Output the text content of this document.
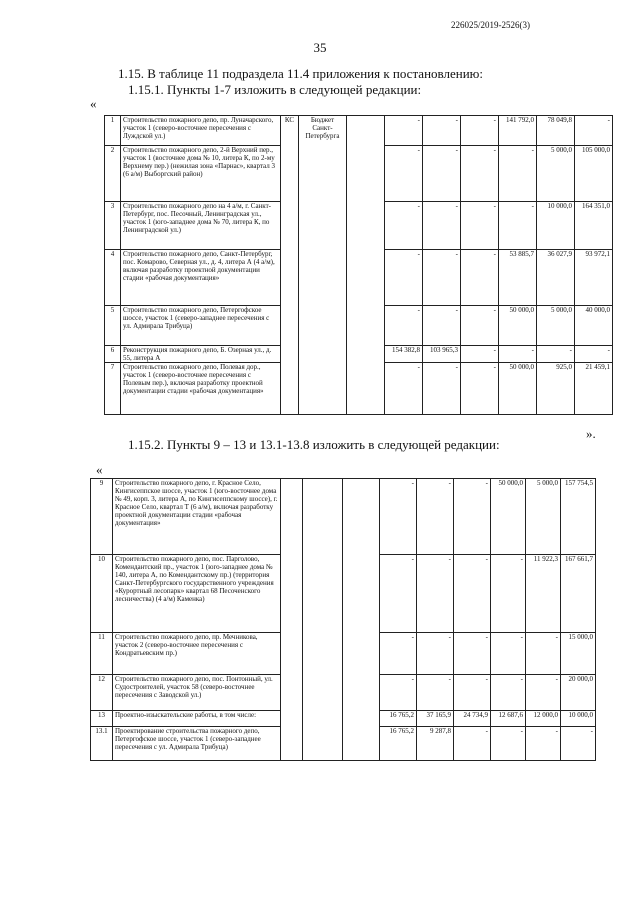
226025/2019-2526(3)
35
1.15. В таблице 11 подраздела 11.4 приложения к постановлению:
1.15.1. Пункты 1-7 изложить в следующей редакции:
«
1	Строительство пожарного депо, пр. Луначарского, участок 1 (северо-восточнее пересечения с Луждской ул.)	КС	Бюджет Санкт-Петербурга		-	-	-	141 792,0	78 049,8	-	
2	Строительство пожарного депо, 2-й Верхний пер., участок 1 (восточнее дома № 10, литера К, по 2-му Верхнему пер.) (нежилая зона «Парнас», квартал 3 (6 а/м) Выборгский район)				-	-	-	-	5 000,0	105 000,0	
3	Строительство пожарного депо на 4 а/м, г. Санкт-Петербург, пос. Песочный, Ленинградская ул., участок 1 (юго-западнее дома № 70, литера К, по Ленинградской ул.)				-	-	-	-	10 000,0	164 351,0	
4	Строительство пожарного депо, Санкт-Петербург, пос. Комарово, Северная ул., д. 4, литера А (4 а/м), включая разработку проектной документации стадии «рабочая документация»				-	-	-	53 885,7	36 027,9	93 972,1	
5	Строительство пожарного депо, Петергофское шоссе, участок 1 (северо-западнее пересечения с ул. Адмирала Трибуца)				-	-	-	50 000,0	5 000,0	40 000,0	
6	Реконструкция пожарного депо, Б. Озерная ул., д. 55, литера А				154 382,8	103 965,3	-	-	-	-	
7	Строительство пожарного депо, Полевая дор., участок 1 (северо-восточнее пересечения с Полевым пер.), включая разработку проектной документации стадии «рабочая документация»				-	-	-	50 000,0	925,0	21 459,1	
1.15.2. Пункты 9 – 13 и 13.1-13.8 изложить в следующей редакции:
».
«
9	Строительство пожарного депо, г. Красное Село, Кингисеппское шоссе, участок 1 (юго-восточнее дома № 49, корп. 3, литера А, по Кингисеппскому шоссе), г. Красное Село, квартал Т (6 а/м), включая разработку проектной документации стадии «рабочая документация»				-	-	-	50 000,0	5 000,0	157 754,5	
10	Строительство пожарного депо, пос. Парголово, Комендантский пр., участок 1 (юго-западнее дома № 140, литера А, по Комендантскому пр.) (территория Санкт-Петербургского государственного учреждения «Курортный лесопарк» квартал 68 Песоченского лесничества) (4 а/м) Каменка)				-	-	-	-	11 922,3	167 661,7	
11	Строительство пожарного депо, пр. Мечникова, участок 2 (северо-восточнее пересечения с Кондратьевским пр.)				-	-	-	-	-	15 000,0	
12	Строительство пожарного депо, пос. Понтонный, ул. Судостроителей, участок 58 (северо-восточнее пересечения с Заводской ул.)				-	-	-	-	-	20 000,0	
13	Проектно-изыскательские работы, в том числе:				16 765,2	37 165,9	24 734,9	12 687,6	12 000,0	10 000,0	
13.1	Проектирование строительства пожарного депо, Петергофское шоссе, участок 1 (северо-западнее пересечения с ул. Адмирала Трибуца)				16 765,2	9 287,8	-	-	-	-	
